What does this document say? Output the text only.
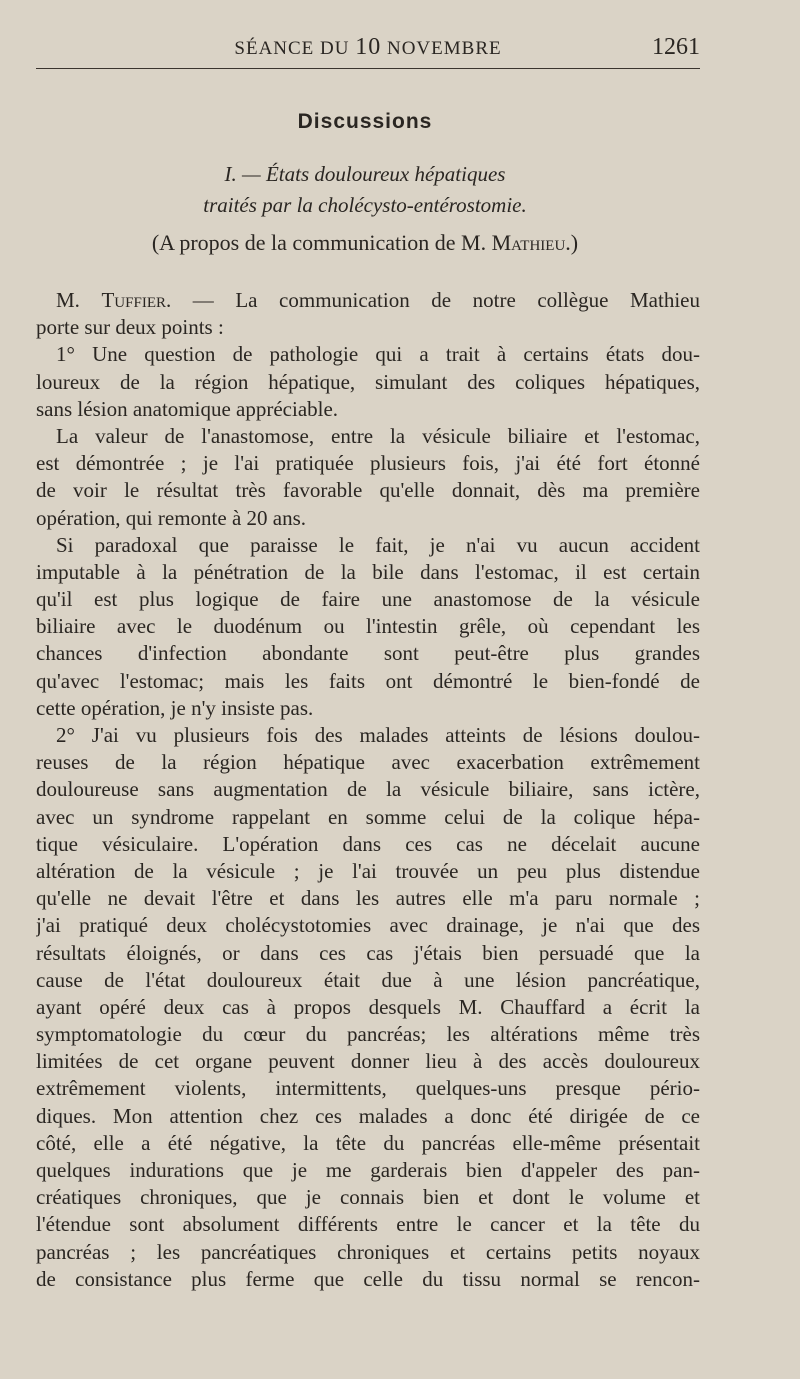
SÉANCE DU 10 NOVEMBRE	1261
Discussions
I. — États douloureux hépatiques
traités par la cholécysto-entérostomie.
(A propos de la communication de M. Mathieu.)
M. Tuffier. — La communication de notre collègue Mathieu
porte sur deux points :
1° Une question de pathologie qui a trait à certains états dou-
loureux de la région hépatique, simulant des coliques hépatiques,
sans lésion anatomique appréciable.
La valeur de l'anastomose, entre la vésicule biliaire et l'estomac,
est démontrée ; je l'ai pratiquée plusieurs fois, j'ai été fort étonné
de voir le résultat très favorable qu'elle donnait, dès ma première
opération, qui remonte à 20 ans.
Si paradoxal que paraisse le fait, je n'ai vu aucun accident
imputable à la pénétration de la bile dans l'estomac, il est certain
qu'il est plus logique de faire une anastomose de la vésicule
biliaire avec le duodénum ou l'intestin grêle, où cependant les
chances d'infection abondante sont peut-être plus grandes
qu'avec l'estomac; mais les faits ont démontré le bien-fondé de
cette opération, je n'y insiste pas.
2° J'ai vu plusieurs fois des malades atteints de lésions doulou-
reuses de la région hépatique avec exacerbation extrêmement
douloureuse sans augmentation de la vésicule biliaire, sans ictère,
avec un syndrome rappelant en somme celui de la colique hépa-
tique vésiculaire. L'opération dans ces cas ne décelait aucune
altération de la vésicule ; je l'ai trouvée un peu plus distendue
qu'elle ne devait l'être et dans les autres elle m'a paru normale ;
j'ai pratiqué deux cholécystotomies avec drainage, je n'ai que des
résultats éloignés, or dans ces cas j'étais bien persuadé que la
cause de l'état douloureux était due à une lésion pancréatique,
ayant opéré deux cas à propos desquels M. Chauffard a écrit la
symptomatologie du cœur du pancréas; les altérations même très
limitées de cet organe peuvent donner lieu à des accès douloureux
extrêmement violents, intermittents, quelques-uns presque pério-
diques. Mon attention chez ces malades a donc été dirigée de ce
côté, elle a été négative, la tête du pancréas elle-même présentait
quelques indurations que je me garderais bien d'appeler des pan-
créatiques chroniques, que je connais bien et dont le volume et
l'étendue sont absolument différents entre le cancer et la tête du
pancréas ; les pancréatiques chroniques et certains petits noyaux
de consistance plus ferme que celle du tissu normal se rencon-
